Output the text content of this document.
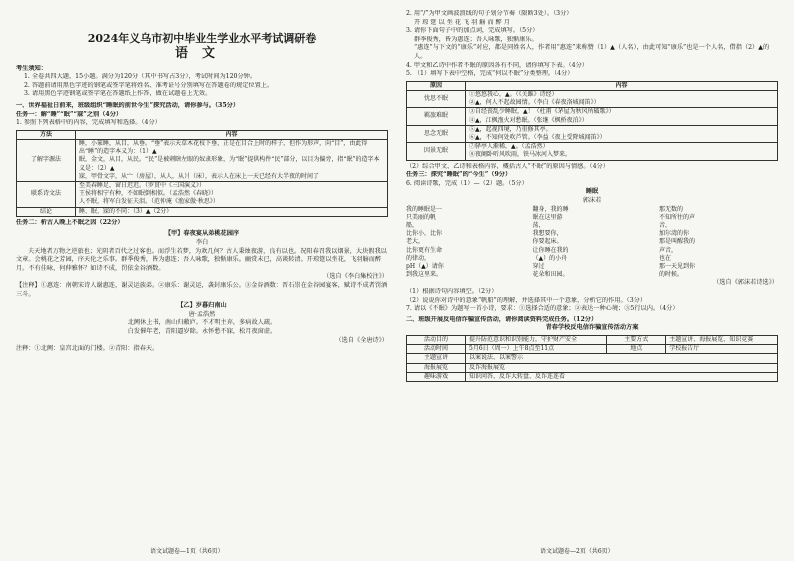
2024年义乌市初中毕业生学业水平考试调研卷
语文
考生须知：
1. 全卷共四大题，15小题。满分为120分（其中书写占3分），考试时间为120分钟。
2. 答题前请用黑色字迹的钢笔或签字笔将姓名、准考证号分别填写在答题卷的规定位置上。
3. 请用黑色字迹钢笔或签字笔在答题纸上作答，做在试题卷上无效。
一、世界福祉日前来，班级组织“睡眠的前世今生”探究活动，请你参与。（35分）
任务一：解“睡”“眠”“寐”之别（4分）
1. 参照下列表格中的内容，完成填写和选择。（4分）
方法	内容
了解字源法	睡，小篆睡，从目，从垂。“垂”表示天草木花枝下垂，正是在目合上时的样子，但作为形声，向“目”，由此得出“睡”的造字本义为：（1）▲
眠，金文，从目，从民。“民”是被刺瞎左眼的奴隶形象，为“眠”提供构件“民”部分，以目为偏旁，指“眠”的造字本义是：（2）▲
寐，甲骨文字，从宀（房屋），从人，从爿（床），表示人在床上一天已经有大半夜的时间了

联系诗文法	至美春睡足，窗日迟迟。（罗贯中《三国演义》）
王侯将相宁有种，不如眠倒相似。（孟浩然《春晓》）
人不眠，将军白发征夫泪。（范仲淹《渔家傲·秋思》）

结论	睡、眠、寐的不同：（3）▲（2分）
任务二：析古人晚上不眠之因（22分）
【甲】春夜宴从弟桃花园序
李白
夫天地者万物之逆旅也；光阴者百代之过客也。而浮生若梦，为欢几何？古人秉烛夜游，良有以也。况阳春召我以烟景，大块假我以文章。会桃花之芳园，序天伦之乐事。群季俊秀，皆为惠连；吾人咏歌，独惭康乐。幽赏未已，高谈转清。开琼筵以坐花，飞羽觞而醉月。不有佳咏，何伸雅怀？如诗不成，罚依金谷酒数。
（选自《李白集校注》）
【注释】①惠连：南朝宋诗人谢惠连，谢灵运族弟。②康乐：谢灵运，袭封康乐公。③金谷酒数：晋石崇在金谷园宴客，赋诗不成者罚酒三斗。
【乙】岁暮归南山
唐·孟浩然
北阙休上书，南山归敝庐。不才明主弃，多病故人疏。
白发催年老，青阳逼岁除。永怀愁不寐，松月夜窗虚。
（选自《全唐诗》）
注释：①北阙：皇宫北面的门楼。②青阳：指春天。
语文试题卷—1页（共6页）
2. 用“/”为甲文画波浪线的句子划分节奏（限断3处）。（3分）
开 琼 筵 以 坐 花 飞 羽 觞 而 醉 月
3. 请你下面句子中的加点词，完成填写。（5分）
群季俊秀，皆为惠连；吾人咏歌，独惭康乐。
“惠连”与下文的“康乐”对应，都是同姓名人，作者用“惠连”来称赞（1）▲（人名），由此可知“康乐”也是一个人名，借指（2）▲的人。
4. 甲文和乙诗中作者不眠的原因各有不同，请你填写下表。（4分）
5. （1）填写下表中空格，完成“何以不眠”分类整理。（4分）
原因	内容
忧思不眠	①悠悠我心，▲。（《关雎》诗经）
②▲，何人不起故园情。（李白《春夜洛城闻笛》）

羁旅难眠	③自经丧乱少睡眠，▲！（杜甫《茅屋为秋风所破歌》）
④▲，江枫渔火对愁眠。（张继《枫桥夜泊》）

思念无眠	⑤▲，起视四境，乃重修其亭。
⑥▲，不知何处吹芦管。（李益《夜上受降城闻笛》）

因景无眠	⑦驿亭人渐稀，▲。（孟浩然）
⑧夜阑卧听风吹雨，铁马冰河入梦来。
（2）综合甲文、乙诗和表格内容，概括古人“不眠”的原因与情感。（4分）
任务三：探究“睡眠”的“今生”（9分）
6. 阅读诗歌，完成（1）—（2）题。（5分）
睡眠
郭沫若
我的睡眠是一只美丽的帆船，
比你小，比你老大，
比你更有生命的律动，
pH（▲）请你到我这里来。
翻身，我的睡眠在这里游荡，
我想要你，
你要起床。
让你睡在我的（▲）的小舟
穿过
花朵和田园。
那无数的
不知所往的声音，
加尔湾的你
那是叫醒我的声音，
也在
那一天见到你的时候。
（选自《郭沫若诗选》）
（1）根据诗句内容填空。（2分）
（2）说说你对诗中的意象“帆船”的理解，并选择其中一个意象，分析它的作用。（3分）
7. 请以《不眠》为题写一首小诗，要求：①选择合适的意象；②表达一种心境；③5行以内。（4分）
二、班级开展反电信诈骗宣传活动，请你阅读资料完成任务。（12分）
青春学校反电信诈骗宣传活动方案
活动目的	提升防范意识和识别能力，守护财产安全	主要方式	主题宣讲、海报展览、知识竞赛
活动时间	5月6日（周一）上午8点至11点	地点	学校报告厅
主题宣讲	以案说法、以案警示		
海报展览	反诈海报展览		
趣味游戏	知识问答、反诈大转盘、反诈连连看		
语文试题卷—2页（共6页）
